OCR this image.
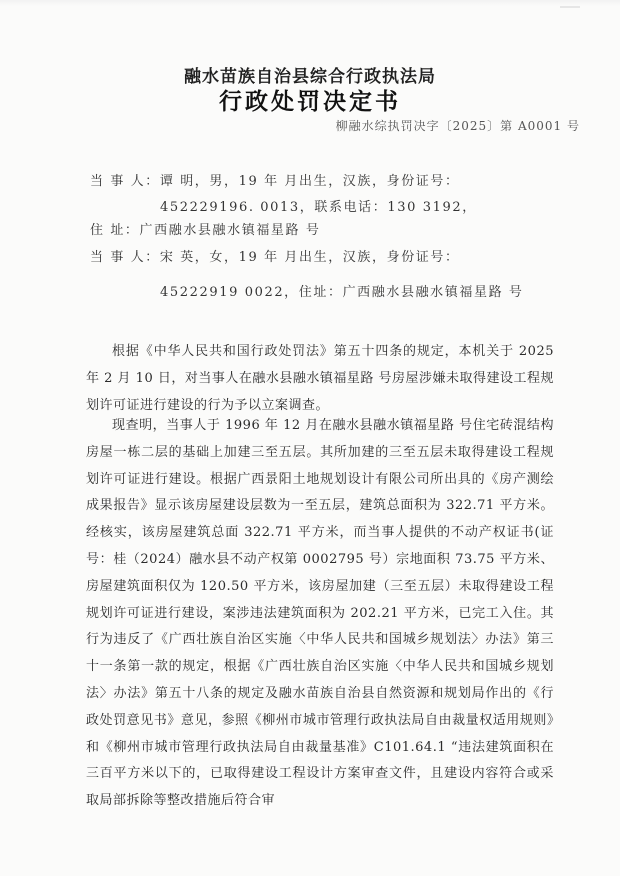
融水苗族自治县综合行政执法局
行政处罚决定书
柳融水综执罚决字〔2025〕第 A0001 号
当 事 人：谭 明，男，19 年 月出生，汉族，身份证号：
452229196. 0013，联系电话：130 3192，
住 址：广西融水县融水镇福星路 号
当 事 人：宋 英，女，19 年 月出生，汉族，身份证号：
45222919 0022，住址：广西融水县融水镇福星路 号

根据《中华人民共和国行政处罚法》第五十四条的规定，本机关于 2025 年 2 月 10 日，对当事人在融水县融水镇福星路 号房屋涉嫌未取得建设工程规划许可证进行建设的行为予以立案调查。

现查明，当事人于 1996 年 12 月在融水县融水镇福星路 号住宅砖混结构房屋一栋二层的基础上加建三至五层。其所加建的三至五层未取得建设工程规划许可证进行建设。根据广西景阳土地规划设计有限公司所出具的《房产测绘成果报告》显示该房屋建设层数为一至五层，建筑总面积为 322.71 平方米。经核实，该房屋建筑总面 322.71 平方米，而当事人提供的不动产权证书(证号：桂（2024）融水县不动产权第 0002795 号）宗地面积 73.75 平方米、房屋建筑面积仅为 120.50 平方米，该房屋加建（三至五层）未取得建设工程规划许可证进行建设，案涉违法建筑面积为 202.21 平方米，已完工入住。其行为违反了《广西壮族自治区实施〈中华人民共和国城乡规划法〉办法》第三十一条第一款的规定，根据《广西壮族自治区实施〈中华人民共和国城乡规划法〉办法》第五十八条的规定及融水苗族自治县自然资源和规划局作出的《行政处罚意见书》意见，参照《柳州市城市管理行政执法局自由裁量权适用规则》和《柳州市城市管理行政执法局自由裁量基准》C101.64.1 “违法建筑面积在三百平方米以下的，已取得建设工程设计方案审查文件，且建设内容符合或采取局部拆除等整改措施后符合审
